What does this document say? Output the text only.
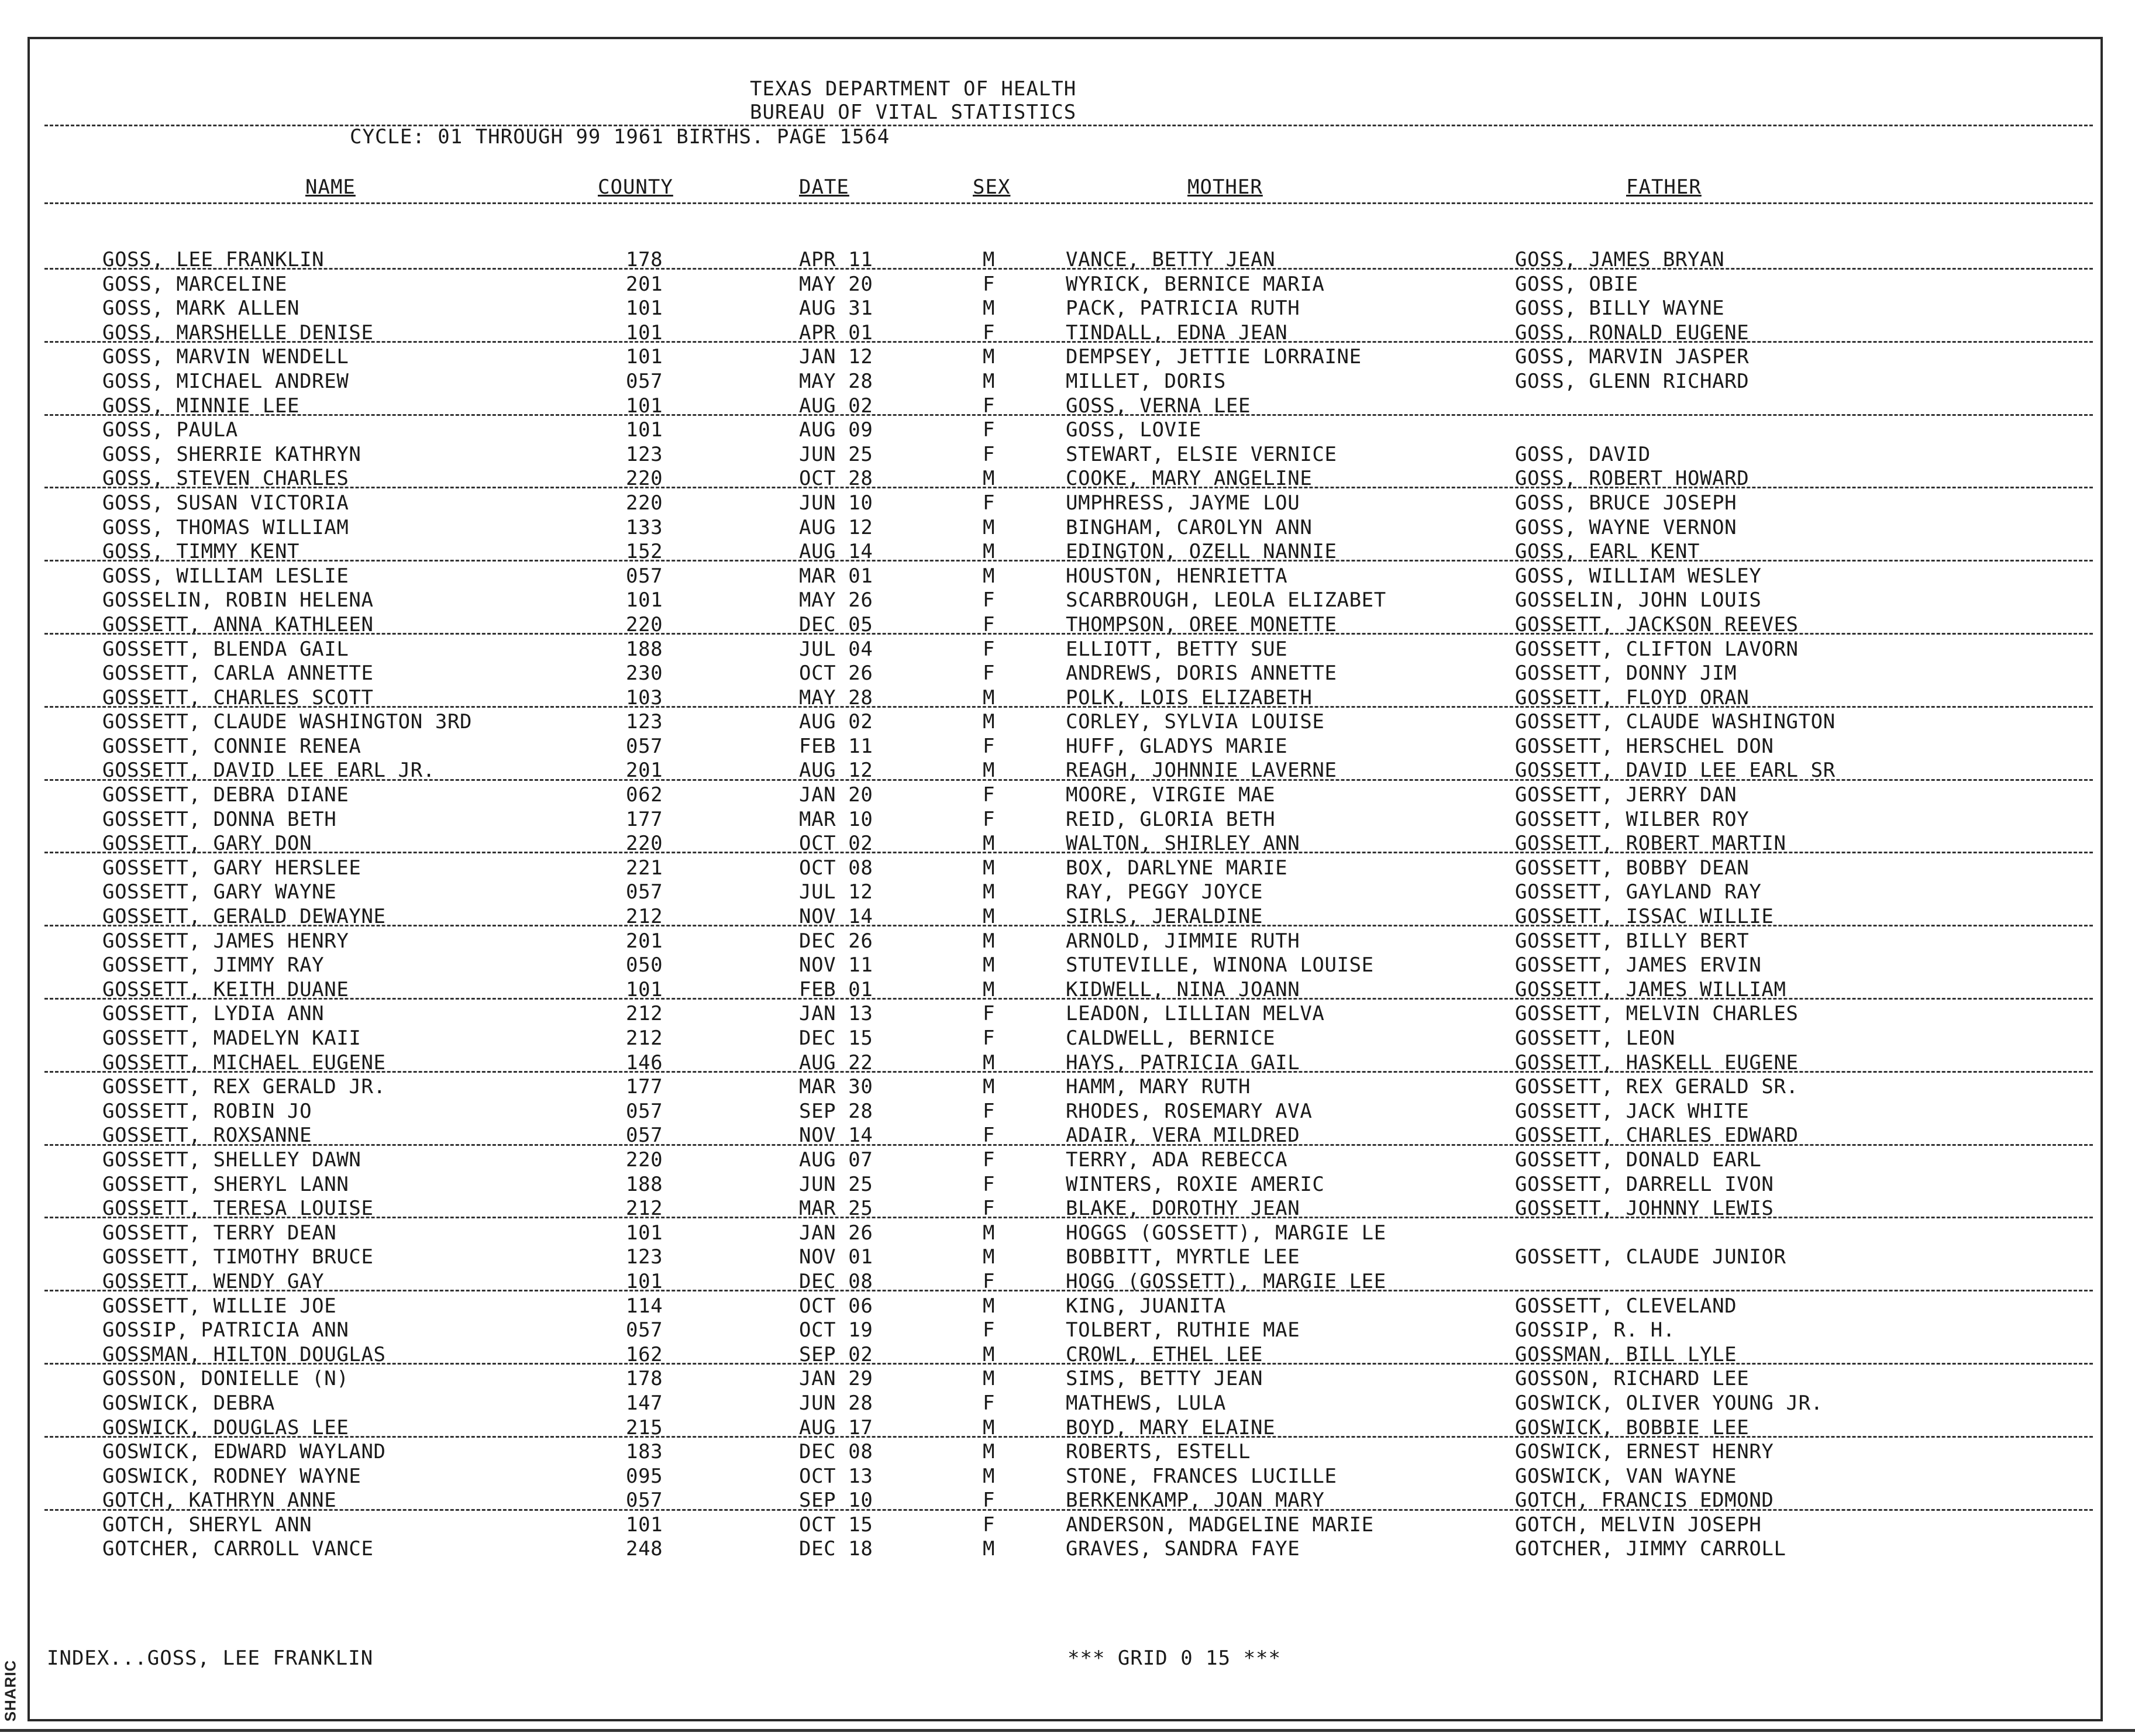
TEXAS DEPARTMENT OF HEALTH
BUREAU OF VITAL STATISTICS
CYCLE: 01 THROUGH 99 1961 BIRTHS. PAGE 1564
NAME	COUNTY	DATE	SEX	MOTHER	FATHER
GOSS, LEE FRANKLIN	178	APR 11	M	VANCE, BETTY JEAN	GOSS, JAMES BRYAN
GOSS, MARCELINE	201	MAY 20	F	WYRICK, BERNICE MARIA	GOSS, OBIE
GOSS, MARK ALLEN	101	AUG 31	M	PACK, PATRICIA RUTH	GOSS, BILLY WAYNE
GOSS, MARSHELLE DENISE	101	APR 01	F	TINDALL, EDNA JEAN	GOSS, RONALD EUGENE
GOSS, MARVIN WENDELL	101	JAN 12	M	DEMPSEY, JETTIE LORRAINE	GOSS, MARVIN JASPER
GOSS, MICHAEL ANDREW	057	MAY 28	M	MILLET, DORIS	GOSS, GLENN RICHARD
GOSS, MINNIE LEE	101	AUG 02	F	GOSS, VERNA LEE
GOSS, PAULA	101	AUG 09	F	GOSS, LOVIE
GOSS, SHERRIE KATHRYN	123	JUN 25	F	STEWART, ELSIE VERNICE	GOSS, DAVID
GOSS, STEVEN CHARLES	220	OCT 28	M	COOKE, MARY ANGELINE	GOSS, ROBERT HOWARD
GOSS, SUSAN VICTORIA	220	JUN 10	F	UMPHRESS, JAYME LOU	GOSS, BRUCE JOSEPH
GOSS, THOMAS WILLIAM	133	AUG 12	M	BINGHAM, CAROLYN ANN	GOSS, WAYNE VERNON
GOSS, TIMMY KENT	152	AUG 14	M	EDINGTON, OZELL NANNIE	GOSS, EARL KENT
GOSS, WILLIAM LESLIE	057	MAR 01	M	HOUSTON, HENRIETTA	GOSS, WILLIAM WESLEY
GOSSELIN, ROBIN HELENA	101	MAY 26	F	SCARBROUGH, LEOLA ELIZABET	GOSSELIN, JOHN LOUIS
GOSSETT, ANNA KATHLEEN	220	DEC 05	F	THOMPSON, OREE MONETTE	GOSSETT, JACKSON REEVES
GOSSETT, BLENDA GAIL	188	JUL 04	F	ELLIOTT, BETTY SUE	GOSSETT, CLIFTON LAVORN
GOSSETT, CARLA ANNETTE	230	OCT 26	F	ANDREWS, DORIS ANNETTE	GOSSETT, DONNY JIM
GOSSETT, CHARLES SCOTT	103	MAY 28	M	POLK, LOIS ELIZABETH	GOSSETT, FLOYD ORAN
GOSSETT, CLAUDE WASHINGTON 3RD	123	AUG 02	M	CORLEY, SYLVIA LOUISE	GOSSETT, CLAUDE WASHINGTON
GOSSETT, CONNIE RENEA	057	FEB 11	F	HUFF, GLADYS MARIE	GOSSETT, HERSCHEL DON
GOSSETT, DAVID LEE EARL JR.	201	AUG 12	M	REAGH, JOHNNIE LAVERNE	GOSSETT, DAVID LEE EARL SR
GOSSETT, DEBRA DIANE	062	JAN 20	F	MOORE, VIRGIE MAE	GOSSETT, JERRY DAN
GOSSETT, DONNA BETH	177	MAR 10	F	REID, GLORIA BETH	GOSSETT, WILBER ROY
GOSSETT, GARY DON	220	OCT 02	M	WALTON, SHIRLEY ANN	GOSSETT, ROBERT MARTIN
GOSSETT, GARY HERSLEE	221	OCT 08	M	BOX, DARLYNE MARIE	GOSSETT, BOBBY DEAN
GOSSETT, GARY WAYNE	057	JUL 12	M	RAY, PEGGY JOYCE	GOSSETT, GAYLAND RAY
GOSSETT, GERALD DEWAYNE	212	NOV 14	M	SIRLS, JERALDINE	GOSSETT, ISSAC WILLIE
GOSSETT, JAMES HENRY	201	DEC 26	M	ARNOLD, JIMMIE RUTH	GOSSETT, BILLY BERT
GOSSETT, JIMMY RAY	050	NOV 11	M	STUTEVILLE, WINONA LOUISE	GOSSETT, JAMES ERVIN
GOSSETT, KEITH DUANE	101	FEB 01	M	KIDWELL, NINA JOANN	GOSSETT, JAMES WILLIAM
GOSSETT, LYDIA ANN	212	JAN 13	F	LEADON, LILLIAN MELVA	GOSSETT, MELVIN CHARLES
GOSSETT, MADELYN KAII	212	DEC 15	F	CALDWELL, BERNICE	GOSSETT, LEON
GOSSETT, MICHAEL EUGENE	146	AUG 22	M	HAYS, PATRICIA GAIL	GOSSETT, HASKELL EUGENE
GOSSETT, REX GERALD JR.	177	MAR 30	M	HAMM, MARY RUTH	GOSSETT, REX GERALD SR.
GOSSETT, ROBIN JO	057	SEP 28	F	RHODES, ROSEMARY AVA	GOSSETT, JACK WHITE
GOSSETT, ROXSANNE	057	NOV 14	F	ADAIR, VERA MILDRED	GOSSETT, CHARLES EDWARD
GOSSETT, SHELLEY DAWN	220	AUG 07	F	TERRY, ADA REBECCA	GOSSETT, DONALD EARL
GOSSETT, SHERYL LANN	188	JUN 25	F	WINTERS, ROXIE AMERIC	GOSSETT, DARRELL IVON
GOSSETT, TERESA LOUISE	212	MAR 25	F	BLAKE, DOROTHY JEAN	GOSSETT, JOHNNY LEWIS
GOSSETT, TERRY DEAN	101	JAN 26	M	HOGGS (GOSSETT), MARGIE LE
GOSSETT, TIMOTHY BRUCE	123	NOV 01	M	BOBBITT, MYRTLE LEE	GOSSETT, CLAUDE JUNIOR
GOSSETT, WENDY GAY	101	DEC 08	F	HOGG (GOSSETT), MARGIE LEE
GOSSETT, WILLIE JOE	114	OCT 06	M	KING, JUANITA	GOSSETT, CLEVELAND
GOSSIP, PATRICIA ANN	057	OCT 19	F	TOLBERT, RUTHIE MAE	GOSSIP, R. H.
GOSSMAN, HILTON DOUGLAS	162	SEP 02	M	CROWL, ETHEL LEE	GOSSMAN, BILL LYLE
GOSSON, DONIELLE (N)	178	JAN 29	M	SIMS, BETTY JEAN	GOSSON, RICHARD LEE
GOSWICK, DEBRA	147	JUN 28	F	MATHEWS, LULA	GOSWICK, OLIVER YOUNG JR.
GOSWICK, DOUGLAS LEE	215	AUG 17	M	BOYD, MARY ELAINE	GOSWICK, BOBBIE LEE
GOSWICK, EDWARD WAYLAND	183	DEC 08	M	ROBERTS, ESTELL	GOSWICK, ERNEST HENRY
GOSWICK, RODNEY WAYNE	095	OCT 13	M	STONE, FRANCES LUCILLE	GOSWICK, VAN WAYNE
GOTCH, KATHRYN ANNE	057	SEP 10	F	BERKENKAMP, JOAN MARY	GOTCH, FRANCIS EDMOND
GOTCH, SHERYL ANN	101	OCT 15	F	ANDERSON, MADGELINE MARIE	GOTCH, MELVIN JOSEPH
GOTCHER, CARROLL VANCE	248	DEC 18	M	GRAVES, SANDRA FAYE	GOTCHER, JIMMY CARROLL
INDEX...GOSS, LEE FRANKLIN	*** GRID 0 15 ***
SHARIC
